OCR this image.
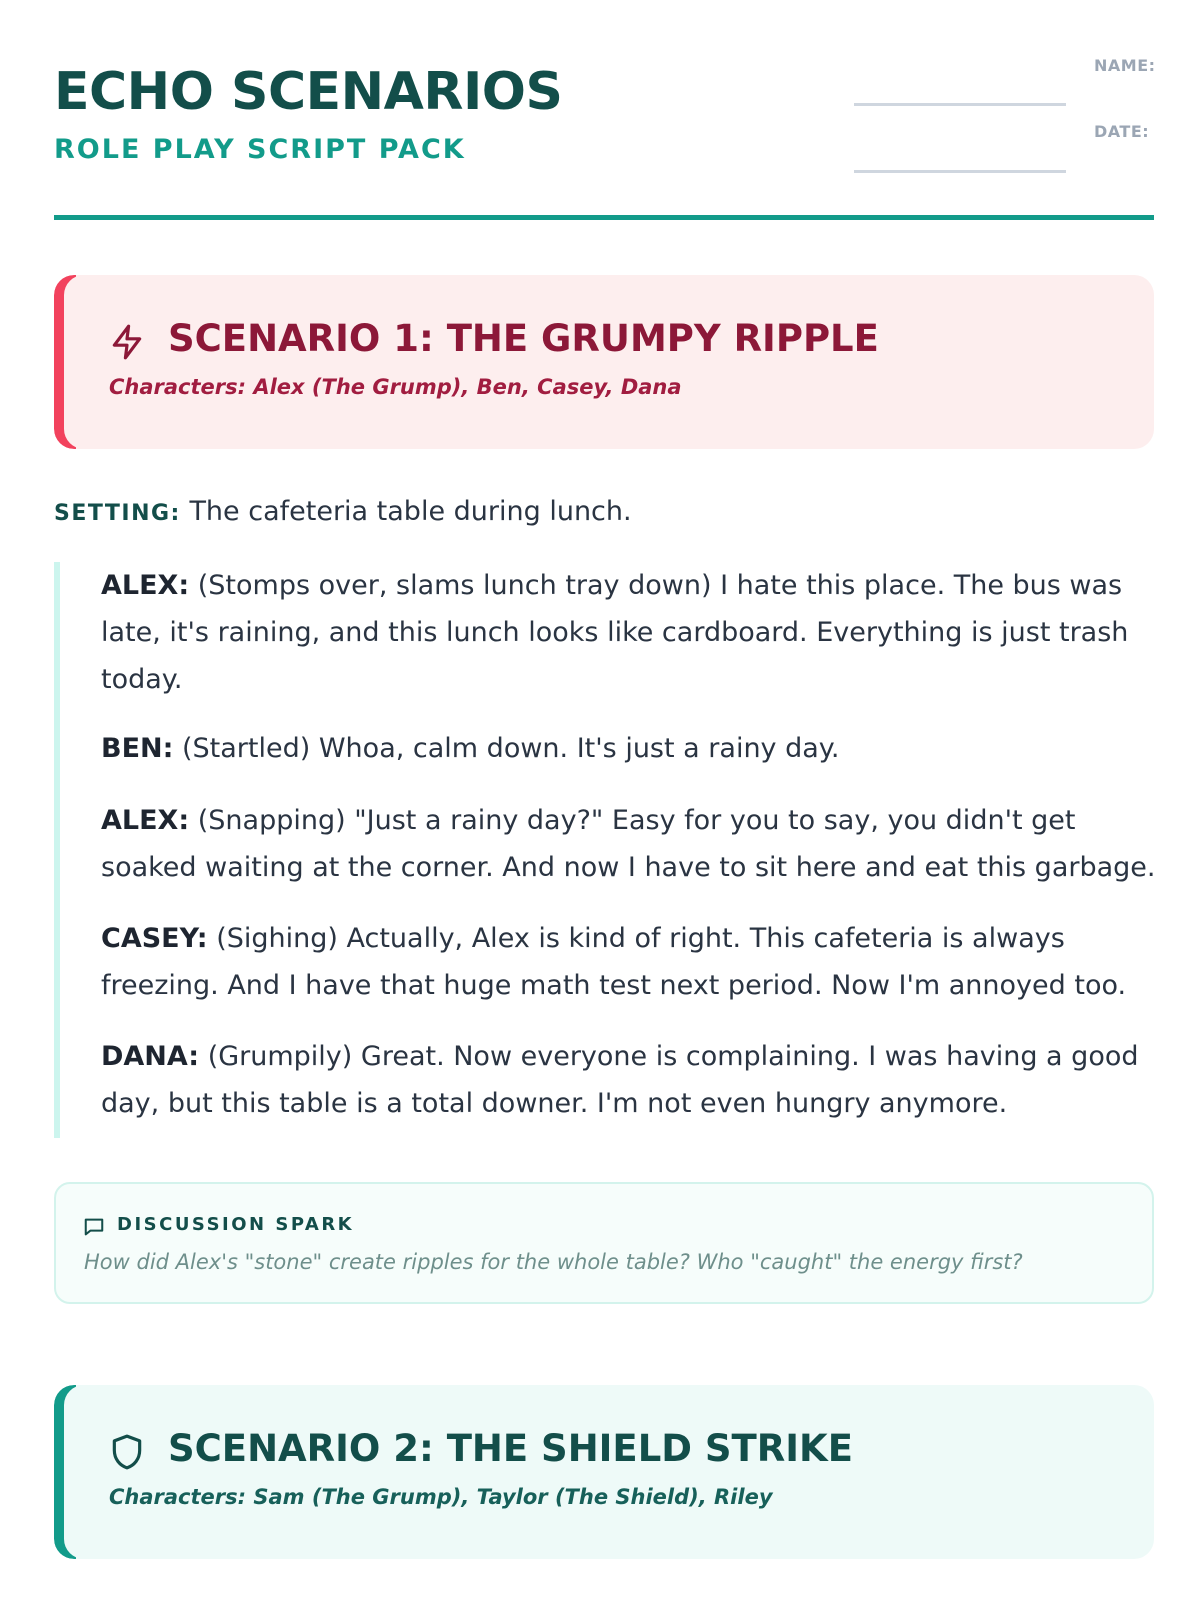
ECHO SCENARIOS
ROLE PLAY SCRIPT PACK
NAME:
DATE:
SCENARIO 1: THE GRUMPY RIPPLE
Characters: Alex (The Grump), Ben, Casey, Dana
SETTING: The cafeteria table during lunch.
ALEX: (Stomps over, slams lunch tray down) I hate this place. The bus was late, it's raining, and this lunch looks like cardboard. Everything is just trash today.
BEN: (Startled) Whoa, calm down. It's just a rainy day.
ALEX: (Snapping) "Just a rainy day?" Easy for you to say, you didn't get soaked waiting at the corner. And now I have to sit here and eat this garbage.
CASEY: (Sighing) Actually, Alex is kind of right. This cafeteria is always freezing. And I have that huge math test next period. Now I'm annoyed too.
DANA: (Grumpily) Great. Now everyone is complaining. I was having a good day, but this table is a total downer. I'm not even hungry anymore.
DISCUSSION SPARK
How did Alex's "stone" create ripples for the whole table? Who "caught" the energy first?
SCENARIO 2: THE SHIELD STRIKE
Characters: Sam (The Grump), Taylor (The Shield), Riley
